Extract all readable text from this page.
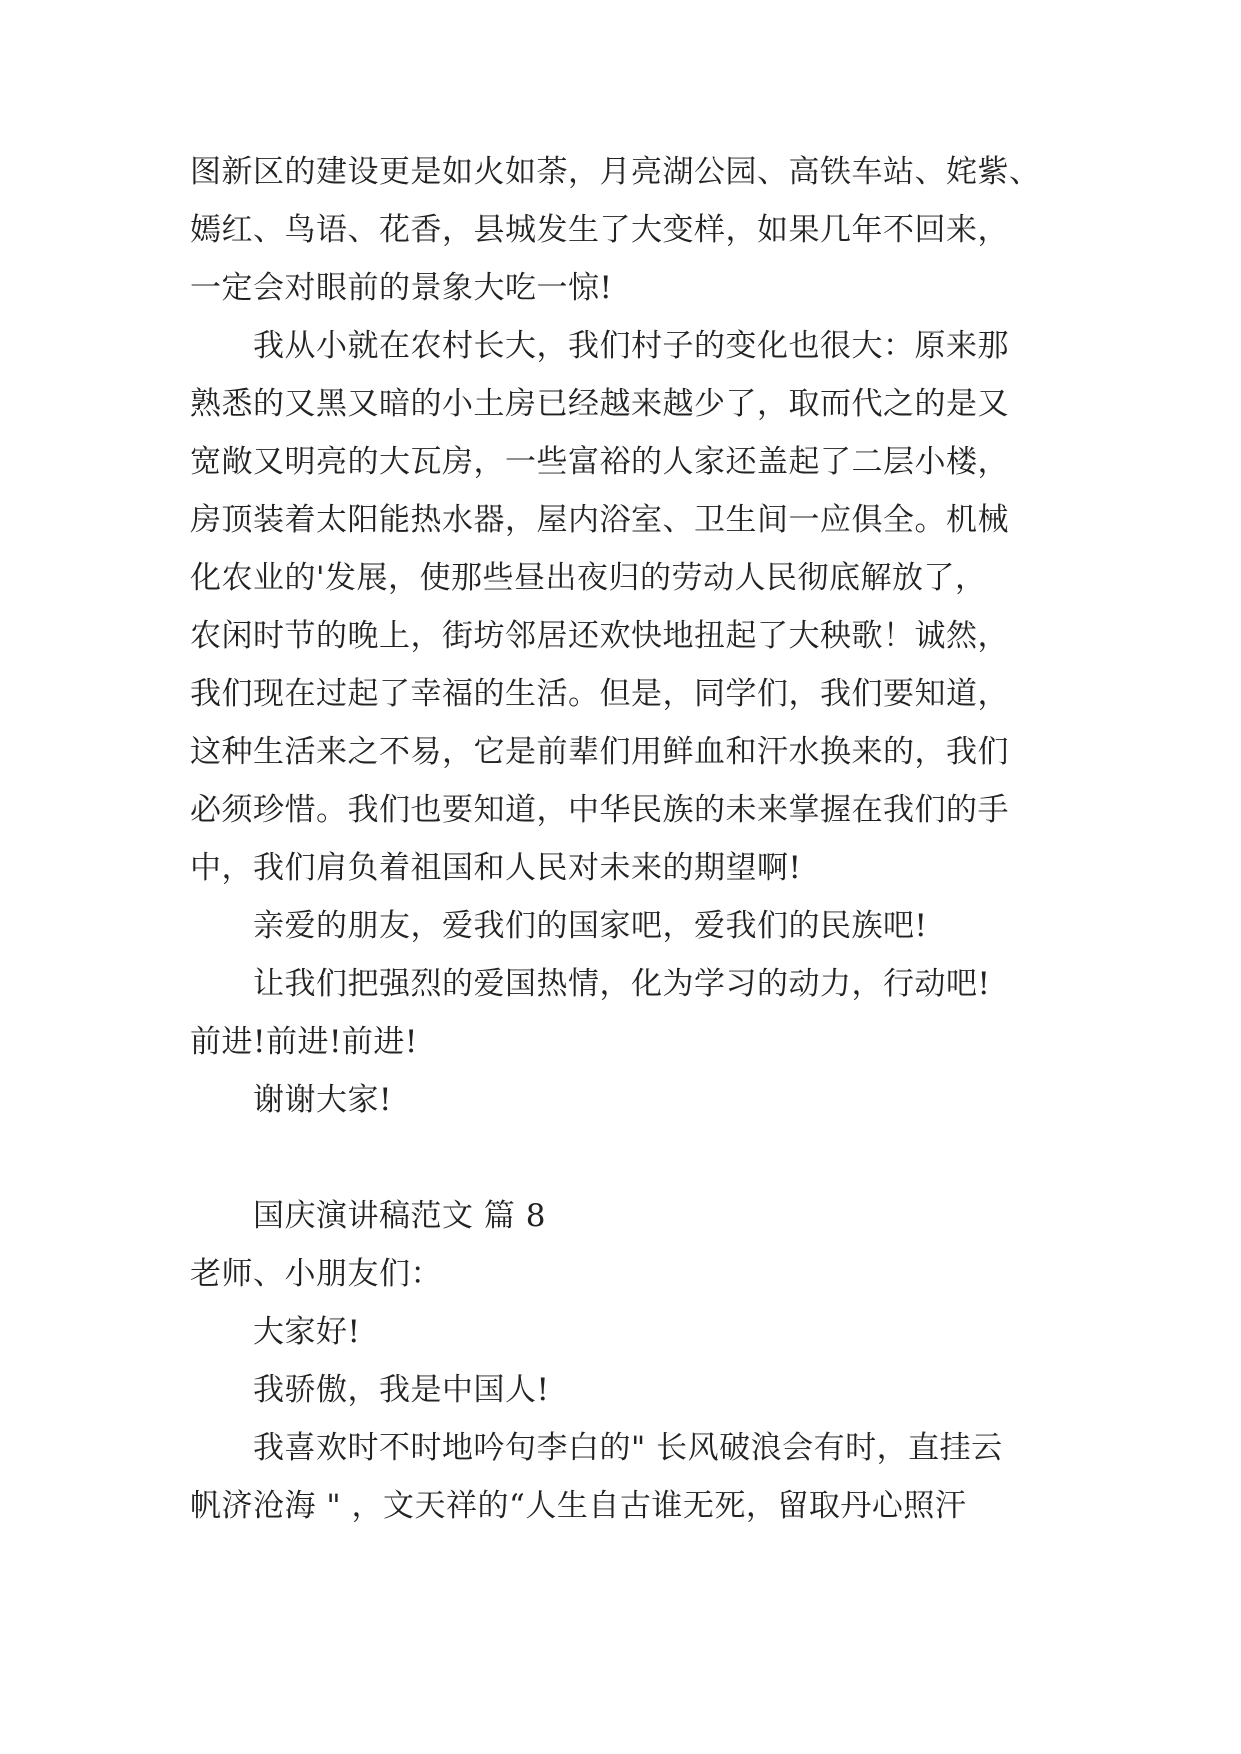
图新区的建设更是如火如荼，月亮湖公园、高铁车站、姹紫、
嫣红、鸟语、花香，县城发生了大变样，如果几年不回来，
一定会对眼前的景象大吃一惊!
我从小就在农村长大，我们村子的变化也很大：原来那
熟悉的又黑又暗的小土房已经越来越少了，取而代之的是又
宽敞又明亮的大瓦房，一些富裕的人家还盖起了二层小楼，
房顶装着太阳能热水器，屋内浴室、卫生间一应俱全。机械
化农业的'发展，使那些昼出夜归的劳动人民彻底解放了，
农闲时节的晚上，街坊邻居还欢快地扭起了大秧歌！诚然，
我们现在过起了幸福的生活。但是，同学们，我们要知道，
这种生活来之不易，它是前辈们用鲜血和汗水换来的，我们
必须珍惜。我们也要知道，中华民族的未来掌握在我们的手
中，我们肩负着祖国和人民对未来的期望啊!
亲爱的朋友，爱我们的国家吧，爱我们的民族吧!
让我们把强烈的爱国热情，化为学习的动力，行动吧!
前进!前进!前进!
谢谢大家!
国庆演讲稿范文 篇 8
老师、小朋友们：
大家好!
我骄傲，我是中国人!
我喜欢时不时地吟句李白的" 长风破浪会有时，直挂云
帆济沧海 " ，文天祥的“人生自古谁无死，留取丹心照汗
